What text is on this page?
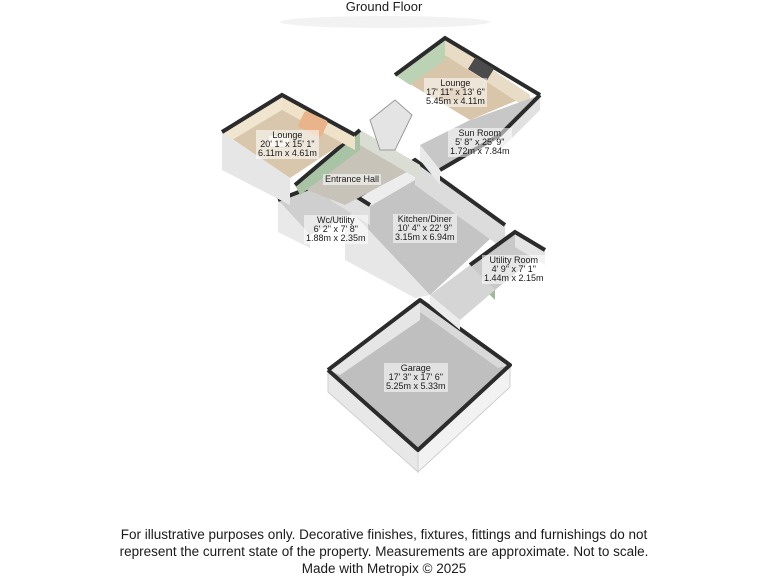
Ground Floor
Lounge
17' 11" x 13' 6"
5.45m x 4.11m
Lounge
20' 1" x 15' 1"
6.11m x 4.61m
Sun Room
5' 8" x 25' 9"
1.72m x 7.84m
Entrance Hall
Wc/Utility
6' 2" x 7' 8"
1.88m x 2.35m
Kitchen/Diner
10' 4" x 22' 9"
3.15m x 6.94m
Utility Room
4' 9" x 7' 1"
1.44m x 2.15m
Garage
17' 3" x 17' 6"
5.25m x 5.33m
For illustrative purposes only. Decorative finishes, fixtures, fittings and furnishings do not
represent the current state of the property. Measurements are approximate. Not to scale.
Made with Metropix © 2025
